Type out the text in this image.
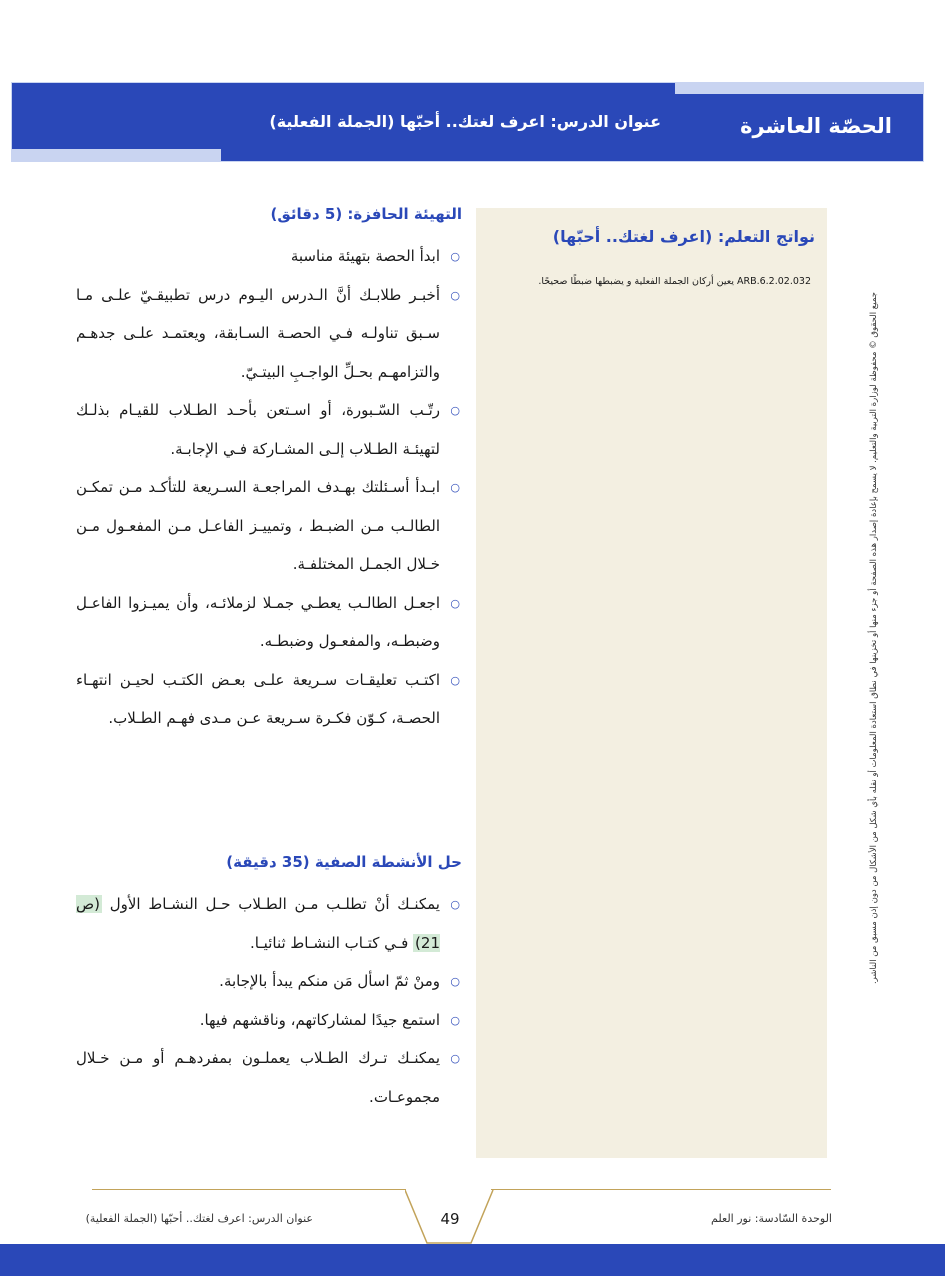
عنوان الدرس: اعرف لغتك.. أحبّها (الجملة الفعلية)	الحصّة العاشرة
نواتج التعلم: (اعرف لغتك.. أحبّها)
ARB.6.2.02.032 يعين أركان الجملة الفعلية و يضبطها ضبطًا صحيحًا.
جميع الحقوق © محفوظة لوزارة التربية والتعليم. لا يسمح بإعادة إصدار هذه الصفحة أو جزء منها أو تخزينها في نطاق استعادة المعلومات أو نقله بأي شكل من الأشكال من دون إذن مسبق من الناشر.
التهيئة الحافزة: (5 دقائق)
○
ابدأ الحصة بتهيئة مناسبة
○
أخبـر طلابـك أنَّ الـدرس اليـوم درس تطبيقـيّ علـى مـا سـبق تناولـه فـي الحصـة السـابقة، ويعتمـد علـى جدهـم والتزامهـم بحـلِّ الواجـبِ البيتـيّ.
○
رتّـب السّـبورة، أو اسـتعن بأحـد الطـلاب للقيـام بذلـك لتهيئـة الطـلاب إلـى المشـاركة فـي الإجابـة.
○
ابـدأ أسـئلتك بهـدف المراجعـة السـريعة للتأكـد مـن تمكـن الطالـب مـن الضبـط ، وتمييـز الفاعـل مـن المفعـول مـن خـلال الجمـل المختلفـة.
○
اجعـل الطالـب يعطـي جمـلا لزملائـه، وأن يميـزوا الفاعـل وضبطـه، والمفعـول وضبطـه.
○
اكتـب تعليقـات سـريعة علـى بعـض الكتـب لحيـن انتهـاء الحصـة، كـوّن فكـرة سـريعة عـن مـدى فهـم الطـلاب.
حل الأنشطة الصفية (35 دقيقة)
○
يمكنـك أنْ تطلـب مـن الطـلاب حـل النشـاط الأول (ص 21) فـي كتـاب النشـاط ثنائيـا.
○
ومنْ ثمّ اسأل مَن منكم يبدأ بالإجابة.
○
استمع جيدًا لمشاركاتهم، وناقشهم فيها.
○
يمكنـك تـرك الطـلاب يعملـون بمفردهـم أو مـن خـلال مجموعـات.
49	الوحدة السّادسة: نور العلم
عنوان الدرس: اعرف لغتك.. أحبّها (الجملة الفعلية)
